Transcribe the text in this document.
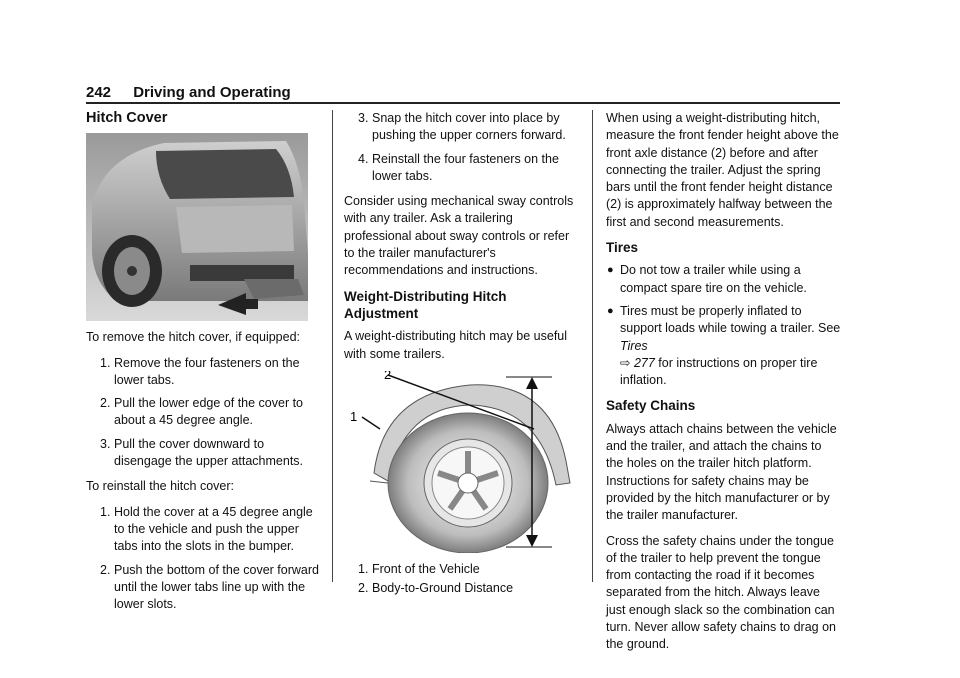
242 Driving and Operating
Hitch Cover

To remove the hitch cover, if equipped:

1. Remove the four fasteners on the lower tabs.
2. Pull the lower edge of the cover to about a 45 degree angle.
3. Pull the cover downward to disengage the upper attachments.

To reinstall the hitch cover:

1. Hold the cover at a 45 degree angle to the vehicle and push the upper tabs into the slots in the bumper.
2. Push the bottom of the cover forward until the lower tabs line up with the lower slots.
3. Snap the hitch cover into place by pushing the upper corners forward.
4. Reinstall the four fasteners on the lower tabs.

Consider using mechanical sway controls with any trailer. Ask a trailering professional about sway controls or refer to the trailer manufacturer's recommendations and instructions.

Weight-Distributing Hitch Adjustment

A weight-distributing hitch may be useful with some trailers.

2
1
1. Front of the Vehicle
2. Body-to-Ground Distance

When using a weight-distributing hitch, measure the front fender height above the front axle distance (2) before and after connecting the trailer. Adjust the spring bars until the front fender height distance (2) is approximately halfway between the first and second measurements.

Tires
● Do not tow a trailer while using a compact spare tire on the vehicle.
● Tires must be properly inflated to support loads while towing a trailer. See Tires
⇨ 277 for instructions on proper tire inflation.
Safety Chains

Always attach chains between the vehicle and the trailer, and attach the chains to the holes on the trailer hitch platform. Instructions for safety chains may be provided by the hitch manufacturer or by the trailer manufacturer.

Cross the safety chains under the tongue of the trailer to help prevent the tongue from contacting the road if it becomes separated from the hitch. Always leave just enough slack so the combination can turn. Never allow safety chains to drag on the ground.
